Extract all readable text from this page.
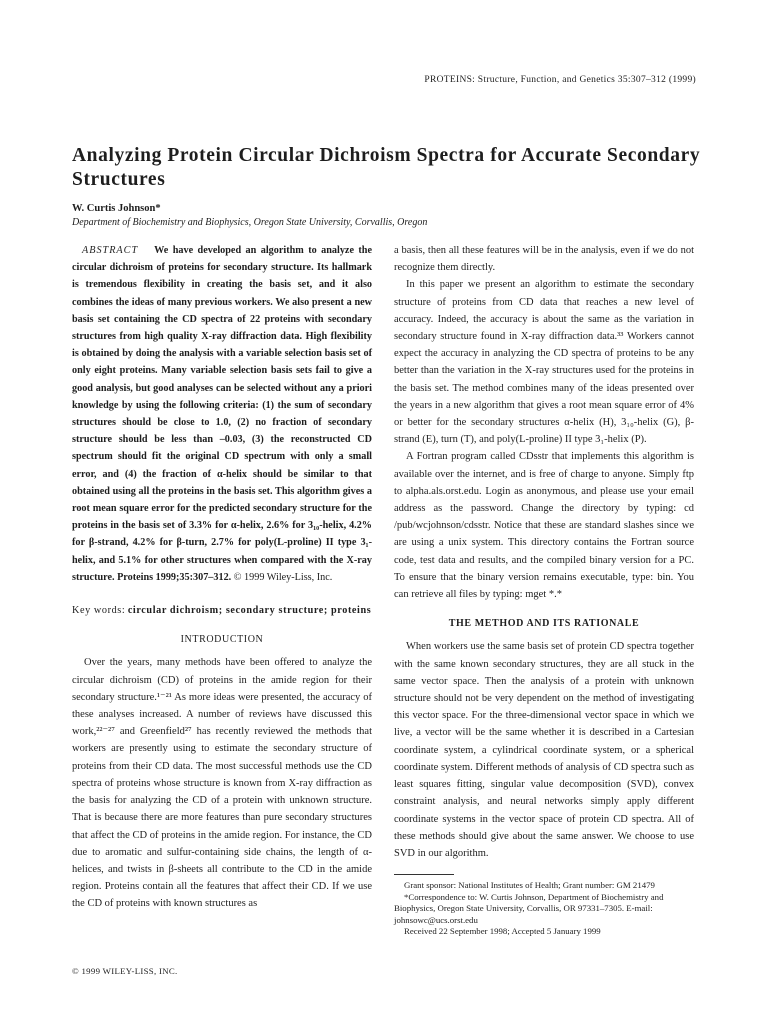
PROTEINS: Structure, Function, and Genetics 35:307–312 (1999)
Analyzing Protein Circular Dichroism Spectra for Accurate Secondary Structures
W. Curtis Johnson*
Department of Biochemistry and Biophysics, Oregon State University, Corvallis, Oregon

ABSTRACT We have developed an algorithm to analyze the circular dichroism of proteins for secondary structure. Its hallmark is tremendous flexibility in creating the basis set, and it also combines the ideas of many previous workers. We also present a new basis set containing the CD spectra of 22 proteins with secondary structures from high quality X-ray diffraction data. High flexibility is obtained by doing the analysis with a variable selection basis set of only eight proteins. Many variable selection basis sets fail to give a good analysis, but good analyses can be selected without any a priori knowledge by using the following criteria: (1) the sum of secondary structures should be close to 1.0, (2) no fraction of secondary structure should be less than –0.03, (3) the reconstructed CD spectrum should fit the original CD spectrum with only a small error, and (4) the fraction of α-helix should be similar to that obtained using all the proteins in the basis set. This algorithm gives a root mean square error for the predicted secondary structure for the proteins in the basis set of 3.3% for α-helix, 2.6% for 3₁₀-helix, 4.2% for β-strand, 4.2% for β-turn, 2.7% for poly(L-proline) II type 3₁-helix, and 5.1% for other structures when compared with the X-ray structure. Proteins 1999;35:307–312. © 1999 Wiley-Liss, Inc.

Key words: circular dichroism; secondary structure; proteins

INTRODUCTION

Over the years, many methods have been offered to analyze the circular dichroism (CD) of proteins in the amide region for their secondary structure.¹⁻²¹ As more ideas were presented, the accuracy of these analyses increased. A number of reviews have discussed this work,²²⁻²⁷ and Greenfield²⁷ has recently reviewed the methods that workers are presently using to estimate the secondary structure of proteins from their CD data. The most successful methods use the CD spectra of proteins whose structure is known from X-ray diffraction as the basis for analyzing the CD of a protein with unknown structure. That is because there are more features than pure secondary structures that affect the CD of proteins in the amide region. For instance, the CD due to aromatic and sulfur-containing side chains, the length of α-helices, and twists in β-sheets all contribute to the CD in the amide region. Proteins contain all the features that affect their CD. If we use the CD of proteins with known structures as

a basis, then all these features will be in the analysis, even if we do not recognize them directly.

In this paper we present an algorithm to estimate the secondary structure of proteins from CD data that reaches a new level of accuracy. Indeed, the accuracy is about the same as the variation in secondary structure found in X-ray diffraction data.³³ Workers cannot expect the accuracy in analyzing the CD spectra of proteins to be any better than the variation in the X-ray structures used for the proteins in the basis set. The method combines many of the ideas presented over the years in a new algorithm that gives a root mean square error of 4% or better for the secondary structures α-helix (H), 3₁₀-helix (G), β-strand (E), turn (T), and poly(L-proline) II type 3₁-helix (P).

A Fortran program called CDsstr that implements this algorithm is available over the internet, and is free of charge to anyone. Simply ftp to alpha.als.orst.edu. Login as anonymous, and please use your email address as the password. Change the directory by typing: cd /pub/wcjohnson/cdsstr. Notice that these are standard slashes since we are using a unix system. This directory contains the Fortran source code, test data and results, and the compiled binary version for a PC. To ensure that the binary version remains executable, type: bin. You can retrieve all files by typing: mget *.*

THE METHOD AND ITS RATIONALE

When workers use the same basis set of protein CD spectra together with the same known secondary structures, they are all stuck in the same vector space. Then the analysis of a protein with unknown structure should not be very dependent on the method of investigating this vector space. For the three-dimensional vector space in which we live, a vector will be the same whether it is described in a Cartesian coordinate system, a cylindrical coordinate system, or a spherical coordinate system. Different methods of analysis of CD spectra such as least squares fitting, singular value decomposition (SVD), convex constraint analysis, and neural networks simply apply different coordinate systems in the vector space of protein CD spectra. All of these methods should give about the same answer. We choose to use SVD in our algorithm.

Grant sponsor: National Institutes of Health; Grant number: GM 21479

*Correspondence to: W. Curtis Johnson, Department of Biochemistry and Biophysics, Oregon State University, Corvallis, OR 97331–7305. E-mail: johnsowc@ucs.orst.edu

Received 22 September 1998; Accepted 5 January 1999

© 1999 WILEY-LISS, INC.
